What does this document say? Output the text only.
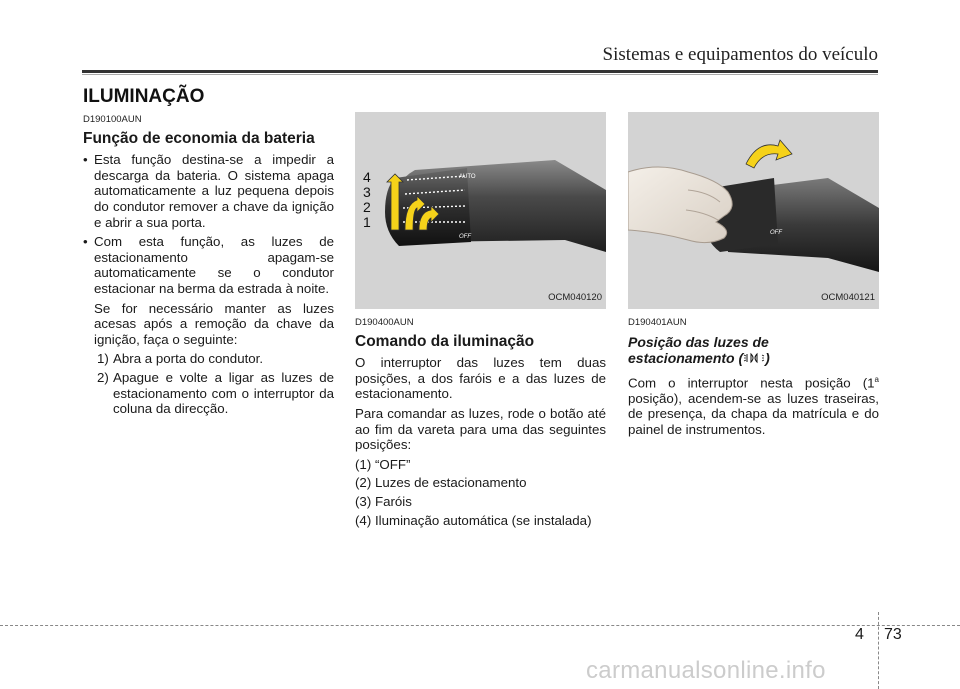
Sistemas e equipamentos do veículo
ILUMINAÇÃO
D190100AUN
Função de economia da bateria
• Esta função destina-se a impedir a descarga da bateria. O sistema apaga automaticamente a luz pequena depois do condutor remover a chave da ignição e abrir a sua porta.
• Com esta função, as luzes de estacionamento apagam-se automaticamente se o condutor estacionar na berma da estrada à noite.
Se for necessário manter as luzes acesas após a remoção da chave da ignição, faça o seguinte:
1) Abra a porta do condutor.
2) Apague e volte a ligar as luzes de estacionamento com o interruptor da coluna da direcção.
AUTO
OFF
4
3
2
1
OCM040120
D190400AUN
Comando da iluminação

O interruptor das luzes tem duas posições, a dos faróis e a das luzes de estacionamento.

Para comandar as luzes, rode o botão até ao fim da vareta para uma das seguintes posições:

(1) “OFF”
(2) Luzes de estacionamento
(3) Faróis
(4) Iluminação automática (se instalada)
OFF
OCM040121
D190401AUN
Posição das luzes de estacionamento ( )

Com o interruptor nesta posição (1$^a$ posição), acendem-se as luzes traseiras, de presença, da chapa da matrícula e do painel de instrumentos.

4 73
carmanualsonline.info
